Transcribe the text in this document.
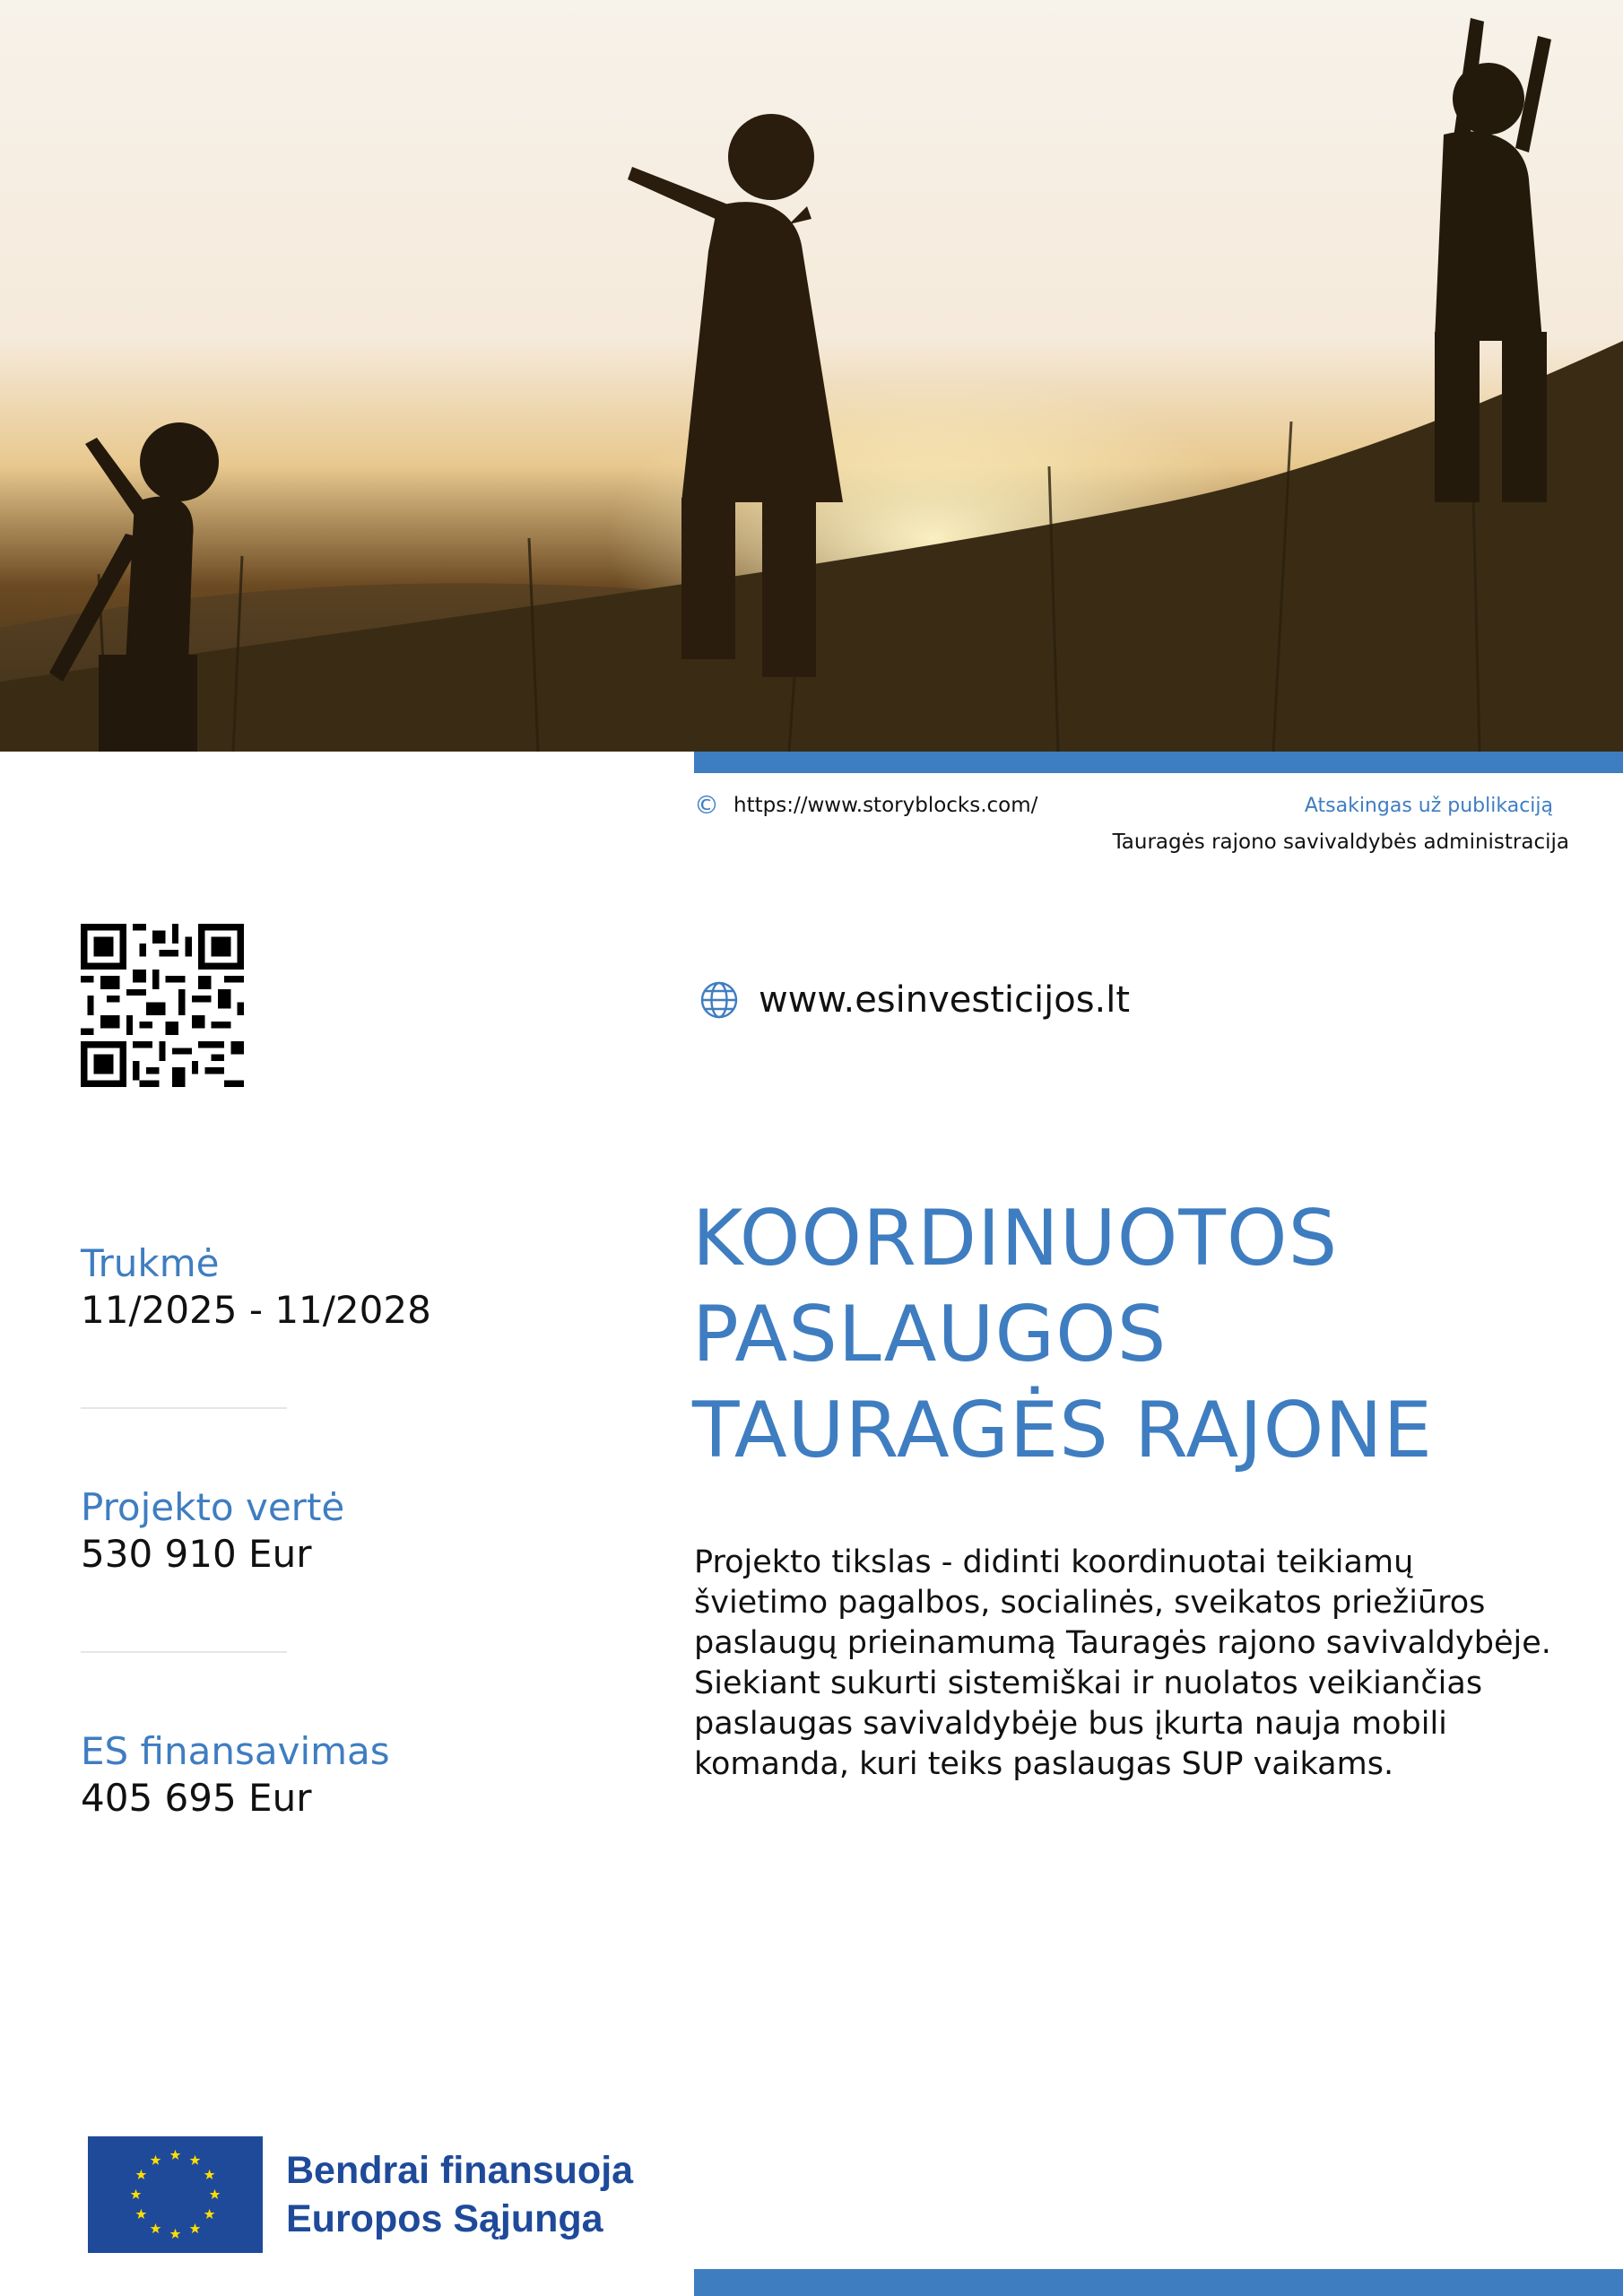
© https://www.storyblocks.com/	Atsakingas už publikaciją
Tauragės rajono savivaldybės administracija
www.esinvesticijos.lt
KOORDINUOTOS
PASLAUGOS
TAURAGĖS RAJONE

Projekto tikslas - didinti koordinuotai teikiamų švietimo pagalbos, socialinės, sveikatos priežiūros paslaugų prieinamumą Tauragės rajono savivaldybėje.

Siekiant sukurti sistemiškai ir nuolatos veikiančias paslaugas savivaldybėje bus įkurta nauja mobili komanda, kuri teiks paslaugas SUP vaikams.

Trukmė
11/2025 - 11/2028
Projekto vertė
530 910 Eur
ES finansavimas
405 695 Eur
Bendrai finansuoja
Europos Sąjunga
